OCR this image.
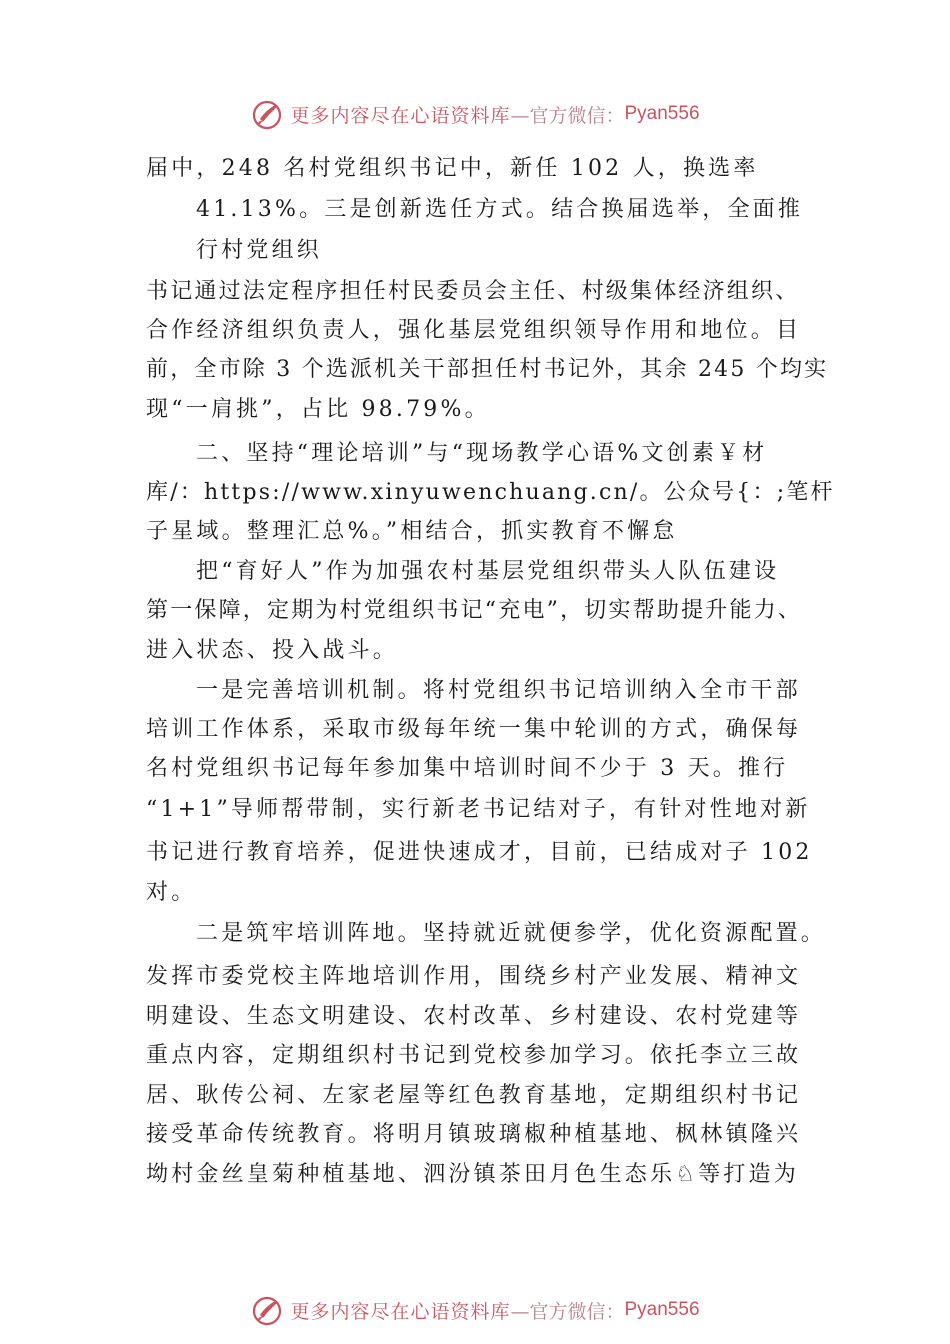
更多内容尽在心语资料库 —官方微信： Pyan556
届中，248 名村党组织书记中，新任 102 人，换选率
41.13%。三是创新选任方式。结合换届选举，全面推
行村党组织
书记通过法定程序担任村民委员会主任、村级集体经济组织、
合作经济组织负责人，强化基层党组织领导作用和地位。目
前，全市除 3 个选派机关干部担任村书记外，其余 245 个均实
现“一肩挑”，占比 98.79%。
二、坚持“理论培训”与“现场教学心语%文创素￥材
库/：https://www.xinyuwenchuang.cn/。公众号{：;笔杆
子星域。整理汇总%。”相结合，抓实教育不懈怠
把“育好人”作为加强农村基层党组织带头人队伍建设
第一保障，定期为村党组织书记“充电”，切实帮助提升能力、
进入状态、投入战斗。
一是完善培训机制。将村党组织书记培训纳入全市干部
培训工作体系，采取市级每年统一集中轮训的方式，确保每
名村党组织书记每年参加集中培训时间不少于 3 天。推行
“1+1”导师帮带制，实行新老书记结对子，有针对性地对新
书记进行教育培养，促进快速成才，目前，已结成对子 102
对。
二是筑牢培训阵地。坚持就近就便参学，优化资源配置。
发挥市委党校主阵地培训作用，围绕乡村产业发展、精神文
明建设、生态文明建设、农村改革、乡村建设、农村党建等
重点内容，定期组织村书记到党校参加学习。依托李立三故
居、耿传公祠、左家老屋等红色教育基地，定期组织村书记
接受革命传统教育。将明月镇玻璃椒种植基地、枫林镇隆兴
坳村金丝皇菊种植基地、泗汾镇茶田月色生态乐♘等打造为
更多内容尽在心语资料库 —官方微信： Pyan556
